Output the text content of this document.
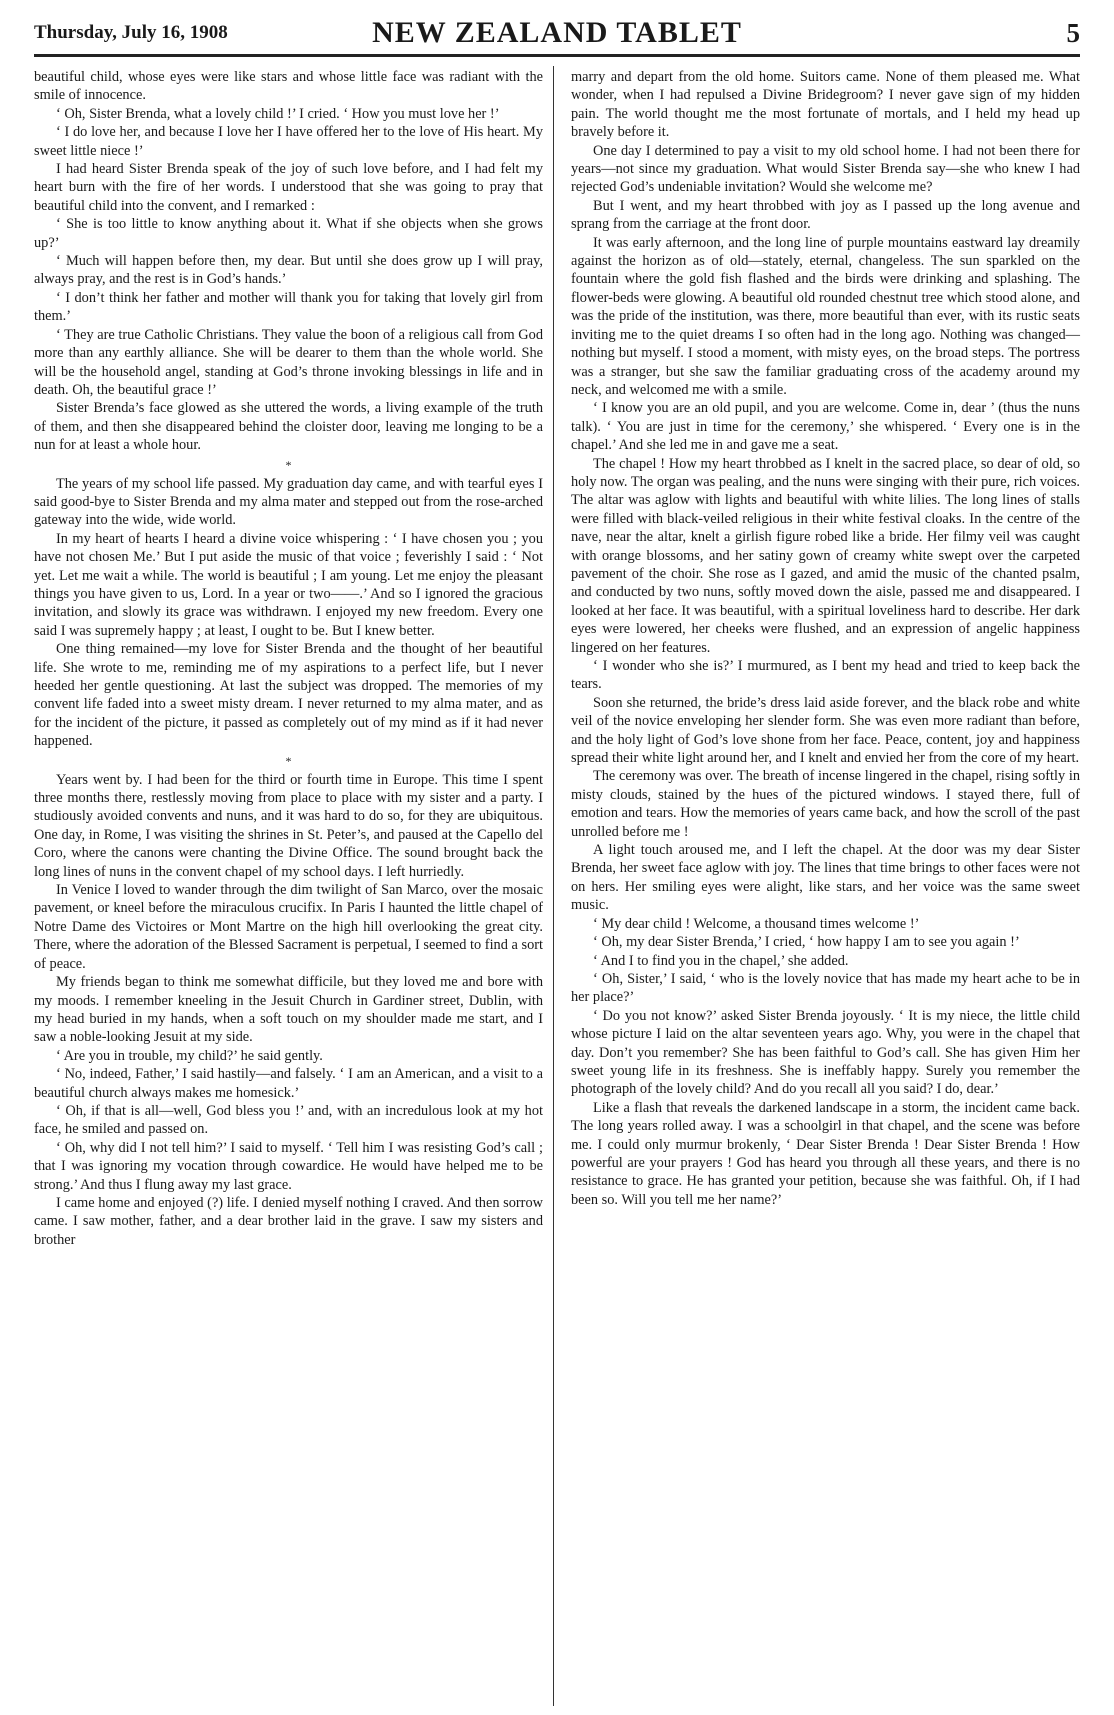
Thursday, July 16, 1908	NEW ZEALAND TABLET	5

beautiful child, whose eyes were like stars and whose little face was radiant with the smile of innocence.

‘ Oh, Sister Brenda, what a lovely child !’ I cried. ‘ How you must love her !’

‘ I do love her, and because I love her I have offered her to the love of His heart. My sweet little niece !’

I had heard Sister Brenda speak of the joy of such love before, and I had felt my heart burn with the fire of her words. I understood that she was going to pray that beautiful child into the convent, and I remarked :

‘ She is too little to know anything about it. What if she objects when she grows up?’

‘ Much will happen before then, my dear. But until she does grow up I will pray, always pray, and the rest is in God’s hands.’

‘ I don’t think her father and mother will thank you for taking that lovely girl from them.’

‘ They are true Catholic Christians. They value the boon of a religious call from God more than any earthly alliance. She will be dearer to them than the whole world. She will be the household angel, standing at God’s throne invoking blessings in life and in death. Oh, the beautiful grace !’

Sister Brenda’s face glowed as she uttered the words, a living example of the truth of them, and then she disappeared behind the cloister door, leaving me longing to be a nun for at least a whole hour.

*

The years of my school life passed. My graduation day came, and with tearful eyes I said good-bye to Sister Brenda and my alma mater and stepped out from the rose-arched gateway into the wide, wide world.

In my heart of hearts I heard a divine voice whispering : ‘ I have chosen you ; you have not chosen Me.’ But I put aside the music of that voice ; feverishly I said : ‘ Not yet. Let me wait a while. The world is beautiful ; I am young. Let me enjoy the pleasant things you have given to us, Lord. In a year or two——.’ And so I ignored the gracious invitation, and slowly its grace was withdrawn. I enjoyed my new freedom. Every one said I was supremely happy ; at least, I ought to be. But I knew better.

One thing remained—my love for Sister Brenda and the thought of her beautiful life. She wrote to me, reminding me of my aspirations to a perfect life, but I never heeded her gentle questioning. At last the subject was dropped. The memories of my convent life faded into a sweet misty dream. I never returned to my alma mater, and as for the incident of the picture, it passed as completely out of my mind as if it had never happened.

*

Years went by. I had been for the third or fourth time in Europe. This time I spent three months there, restlessly moving from place to place with my sister and a party. I studiously avoided convents and nuns, and it was hard to do so, for they are ubiquitous. One day, in Rome, I was visiting the shrines in St. Peter’s, and paused at the Capello del Coro, where the canons were chanting the Divine Office. The sound brought back the long lines of nuns in the convent chapel of my school days. I left hurriedly.

In Venice I loved to wander through the dim twilight of San Marco, over the mosaic pavement, or kneel before the miraculous crucifix. In Paris I haunted the little chapel of Notre Dame des Victoires or Mont Martre on the high hill overlooking the great city. There, where the adoration of the Blessed Sacrament is perpetual, I seemed to find a sort of peace.

My friends began to think me somewhat difficile, but they loved me and bore with my moods. I remember kneeling in the Jesuit Church in Gardiner street, Dublin, with my head buried in my hands, when a soft touch on my shoulder made me start, and I saw a noble-looking Jesuit at my side.

‘ Are you in trouble, my child?’ he said gently.

‘ No, indeed, Father,’ I said hastily—and falsely. ‘ I am an American, and a visit to a beautiful church always makes me homesick.’

‘ Oh, if that is all—well, God bless you !’ and, with an incredulous look at my hot face, he smiled and passed on.

‘ Oh, why did I not tell him?’ I said to myself. ‘ Tell him I was resisting God’s call ; that I was ignoring my vocation through cowardice. He would have helped me to be strong.’ And thus I flung away my last grace.

I came home and enjoyed (?) life. I denied myself nothing I craved. And then sorrow came. I saw mother, father, and a dear brother laid in the grave. I saw my sisters and brother

marry and depart from the old home. Suitors came. None of them pleased me. What wonder, when I had repulsed a Divine Bridegroom? I never gave sign of my hidden pain. The world thought me the most fortunate of mortals, and I held my head up bravely before it.

One day I determined to pay a visit to my old school home. I had not been there for years—not since my graduation. What would Sister Brenda say—she who knew I had rejected God’s undeniable invitation? Would she welcome me?

But I went, and my heart throbbed with joy as I passed up the long avenue and sprang from the carriage at the front door.

It was early afternoon, and the long line of purple mountains eastward lay dreamily against the horizon as of old—stately, eternal, changeless. The sun sparkled on the fountain where the gold fish flashed and the birds were drinking and splashing. The flower-beds were glowing. A beautiful old rounded chestnut tree which stood alone, and was the pride of the institution, was there, more beautiful than ever, with its rustic seats inviting me to the quiet dreams I so often had in the long ago. Nothing was changed—nothing but myself. I stood a moment, with misty eyes, on the broad steps. The portress was a stranger, but she saw the familiar graduating cross of the academy around my neck, and welcomed me with a smile.

‘ I know you are an old pupil, and you are welcome. Come in, dear ’ (thus the nuns talk). ‘ You are just in time for the ceremony,’ she whispered. ‘ Every one is in the chapel.’ And she led me in and gave me a seat.

The chapel ! How my heart throbbed as I knelt in the sacred place, so dear of old, so holy now. The organ was pealing, and the nuns were singing with their pure, rich voices. The altar was aglow with lights and beautiful with white lilies. The long lines of stalls were filled with black-veiled religious in their white festival cloaks. In the centre of the nave, near the altar, knelt a girlish figure robed like a bride. Her filmy veil was caught with orange blossoms, and her satiny gown of creamy white swept over the carpeted pavement of the choir. She rose as I gazed, and amid the music of the chanted psalm, and conducted by two nuns, softly moved down the aisle, passed me and disappeared. I looked at her face. It was beautiful, with a spiritual loveliness hard to describe. Her dark eyes were lowered, her cheeks were flushed, and an expression of angelic happiness lingered on her features.

‘ I wonder who she is?’ I murmured, as I bent my head and tried to keep back the tears.

Soon she returned, the bride’s dress laid aside forever, and the black robe and white veil of the novice enveloping her slender form. She was even more radiant than before, and the holy light of God’s love shone from her face. Peace, content, joy and happiness spread their white light around her, and I knelt and envied her from the core of my heart.

The ceremony was over. The breath of incense lingered in the chapel, rising softly in misty clouds, stained by the hues of the pictured windows. I stayed there, full of emotion and tears. How the memories of years came back, and how the scroll of the past unrolled before me !

A light touch aroused me, and I left the chapel. At the door was my dear Sister Brenda, her sweet face aglow with joy. The lines that time brings to other faces were not on hers. Her smiling eyes were alight, like stars, and her voice was the same sweet music.

‘ My dear child ! Welcome, a thousand times welcome !’

‘ Oh, my dear Sister Brenda,’ I cried, ‘ how happy I am to see you again !’

‘ And I to find you in the chapel,’ she added.

‘ Oh, Sister,’ I said, ‘ who is the lovely novice that has made my heart ache to be in her place?’

‘ Do you not know?’ asked Sister Brenda joyously. ‘ It is my niece, the little child whose picture I laid on the altar seventeen years ago. Why, you were in the chapel that day. Don’t you remember? She has been faithful to God’s call. She has given Him her sweet young life in its freshness. She is ineffably happy. Surely you remember the photograph of the lovely child? And do you recall all you said? I do, dear.’

Like a flash that reveals the darkened landscape in a storm, the incident came back. The long years rolled away. I was a schoolgirl in that chapel, and the scene was before me. I could only murmur brokenly, ‘ Dear Sister Brenda ! Dear Sister Brenda ! How powerful are your prayers ! God has heard you through all these years, and there is no resistance to grace. He has granted your petition, because she was faithful. Oh, if I had been so. Will you tell me her name?’
